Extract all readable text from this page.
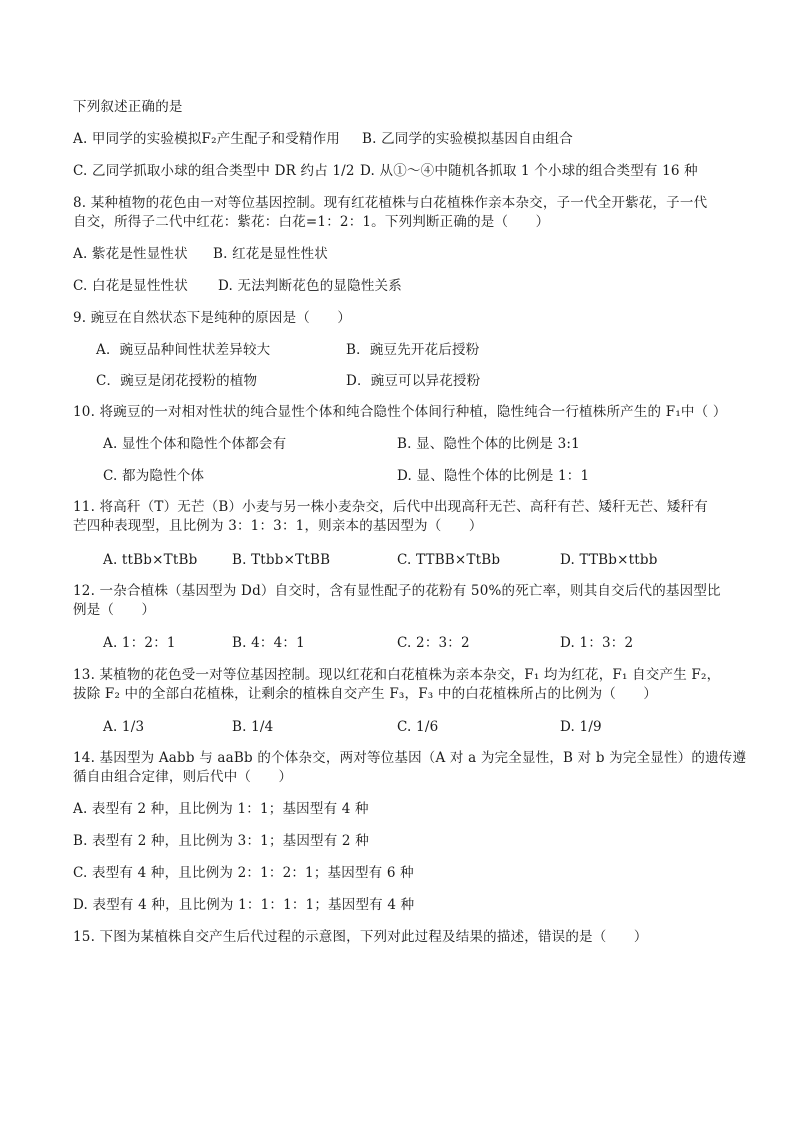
下列叙述正确的是
A. 甲同学的实验模拟F₂产生配子和受精作用 B. 乙同学的实验模拟基因自由组合
C. 乙同学抓取小球的组合类型中 DR 约占 1/2 D. 从①～④中随机各抓取 1 个小球的组合类型有 16 种
8. 某种植物的花色由一对等位基因控制。现有红花植株与白花植株作亲本杂交，子一代全开紫花，子一代
自交，所得子二代中红花：紫花：白花=1：2：1。下列判断正确的是（　　）
A. 紫花是性显性状 B. 红花是显性性状
C. 白花是显性性状 D. 无法判断花色的显隐性关系
9. 豌豆在自然状态下是纯种的原因是（　　）
A．豌豆品种间性状差异较大	B．豌豆先开花后授粉
C．豌豆是闭花授粉的植物	D．豌豆可以异花授粉
10. 将豌豆的一对相对性状的纯合显性个体和纯合隐性个体间行种植，隐性纯合一行植株所产生的 F₁中（ ）
A. 显性个体和隐性个体都会有	B. 显、隐性个体的比例是 3:1
C. 都为隐性个体	D. 显、隐性个体的比例是 1：1
11. 将高秆（T）无芒（B）小麦与另一株小麦杂交，后代中出现高秆无芒、高秆有芒、矮秆无芒、矮秆有
芒四种表现型，且比例为 3：1：3：1，则亲本的基因型为（　　）
A. ttBb×TtBb	B. Ttbb×TtBB	C. TTBB×TtBb	D. TTBb×ttbb
12. 一杂合植株（基因型为 Dd）自交时，含有显性配子的花粉有 50%的死亡率，则其自交后代的基因型比
例是（　　）
A. 1：2：1	B. 4：4：1	C. 2：3：2	D. 1：3：2
13. 某植物的花色受一对等位基因控制。现以红花和白花植株为亲本杂交，F₁ 均为红花，F₁ 自交产生 F₂，
拔除 F₂ 中的全部白花植株，让剩余的植株自交产生 F₃，F₃ 中的白花植株所占的比例为（　　）
A. 1/3	B. 1/4	C. 1/6	D. 1/9
14. 基因型为 Aabb 与 aaBb 的个体杂交，两对等位基因（A 对 a 为完全显性，B 对 b 为完全显性）的遗传遵
循自由组合定律，则后代中（　　）
A. 表型有 2 种，且比例为 1：1；基因型有 4 种
B. 表型有 2 种，且比例为 3：1；基因型有 2 种
C. 表型有 4 种，且比例为 2：1：2：1；基因型有 6 种
D. 表型有 4 种，且比例为 1：1：1：1；基因型有 4 种
15. 下图为某植株自交产生后代过程的示意图，下列对此过程及结果的描述，错误的是（　　）
